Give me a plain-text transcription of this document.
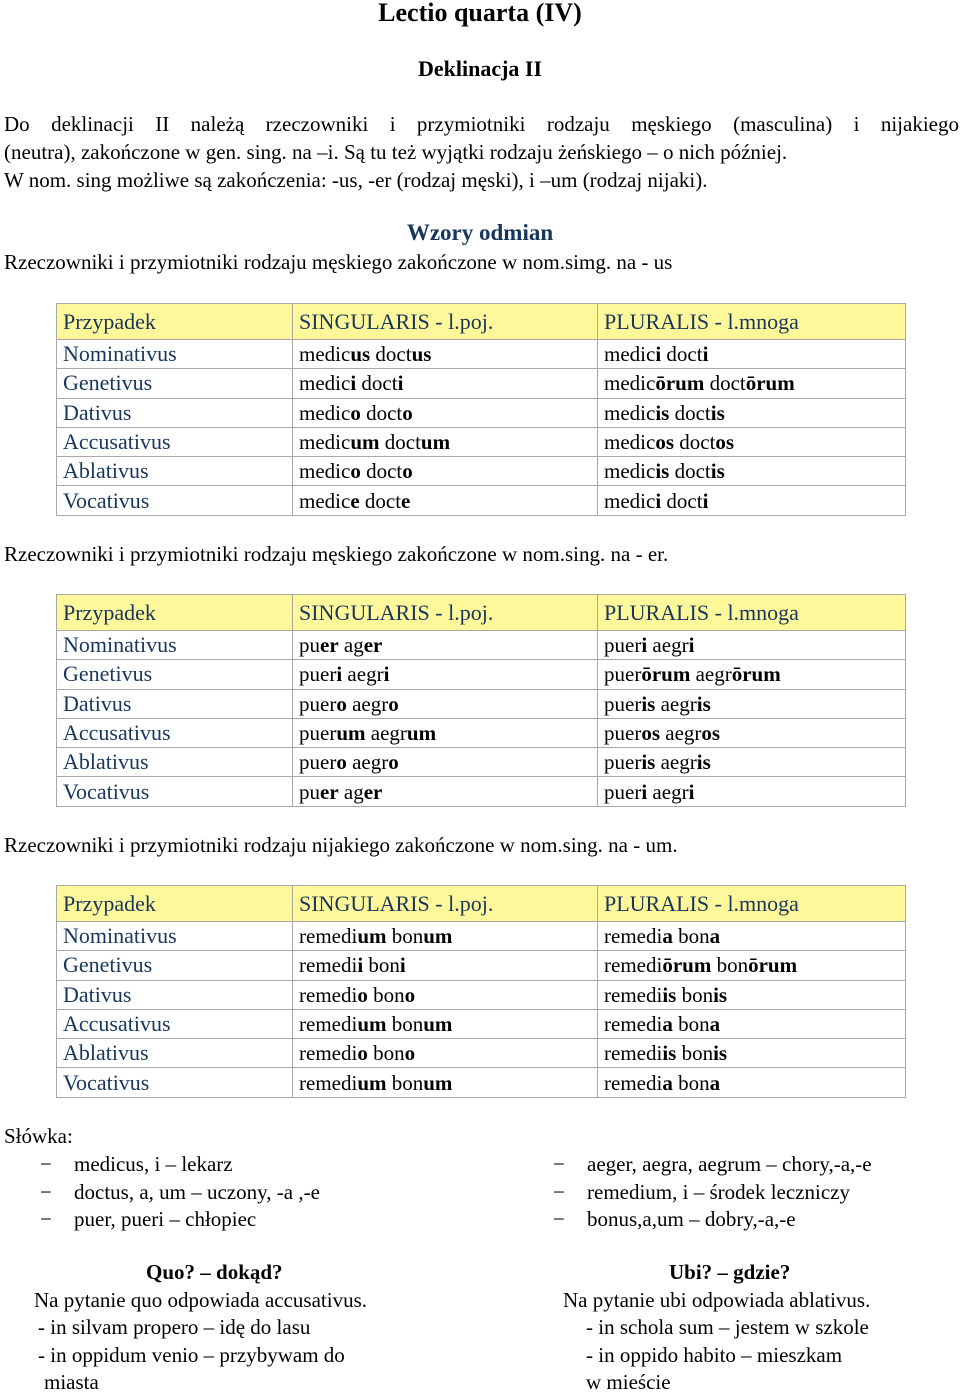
Lectio quarta (IV)
Deklinacja II
Do deklinacji II należą rzeczowniki i przymiotniki rodzaju męskiego (masculina) i nijakiego
(neutra), zakończone w gen. sing. na –i. Są tu też wyjątki rodzaju żeńskiego – o nich później.
W nom. sing możliwe są zakończenia: -us, -er (rodzaj męski), i –um (rodzaj nijaki).
Wzory odmian
Rzeczowniki i przymiotniki rodzaju męskiego zakończone w nom.simg. na - us
Przypadek	SINGULARIS - l.poj.	PLURALIS - l.mnoga
Nominativus	medicus doctus	medici docti
Genetivus	medici docti	medicōrum doctōrum
Dativus	medico docto	medicis doctis
Accusativus	medicum doctum	medicos doctos
Ablativus	medico docto	medicis doctis
Vocativus	medice docte	medici docti
Rzeczowniki i przymiotniki rodzaju męskiego zakończone w nom.sing. na - er.
Przypadek	SINGULARIS - l.poj.	PLURALIS - l.mnoga
Nominativus	puer ager	pueri aegri
Genetivus	pueri aegri	puerōrum aegrōrum
Dativus	puero aegro	pueris aegris
Accusativus	puerum aegrum	pueros aegros
Ablativus	puero aegro	pueris aegris
Vocativus	puer ager	pueri aegri
Rzeczowniki i przymiotniki rodzaju nijakiego zakończone w nom.sing. na - um.
Przypadek	SINGULARIS - l.poj.	PLURALIS - l.mnoga
Nominativus	remedium bonum	remedia bona
Genetivus	remedii boni	remediōrum bonōrum
Dativus	remedio bono	remediis bonis
Accusativus	remedium bonum	remedia bona
Ablativus	remedio bono	remediis bonis
Vocativus	remedium bonum	remedia bona
Słówka:
− medicus, i – lekarz
− doctus, a, um – uczony, -a ,-e
− puer, pueri – chłopiec
− aeger, aegra, aegrum – chory,-a,-e
− remedium, i – środek leczniczy
− bonus,a,um – dobry,-a,-e
Quo? – dokąd?
Na pytanie quo odpowiada accusativus.
- in silvam propero – idę do lasu
- in oppidum venio – przybywam do
miasta
Ubi? – gdzie?
Na pytanie ubi odpowiada ablativus.
- in schola sum – jestem w szkole
- in oppido habito – mieszkam
w mieście
